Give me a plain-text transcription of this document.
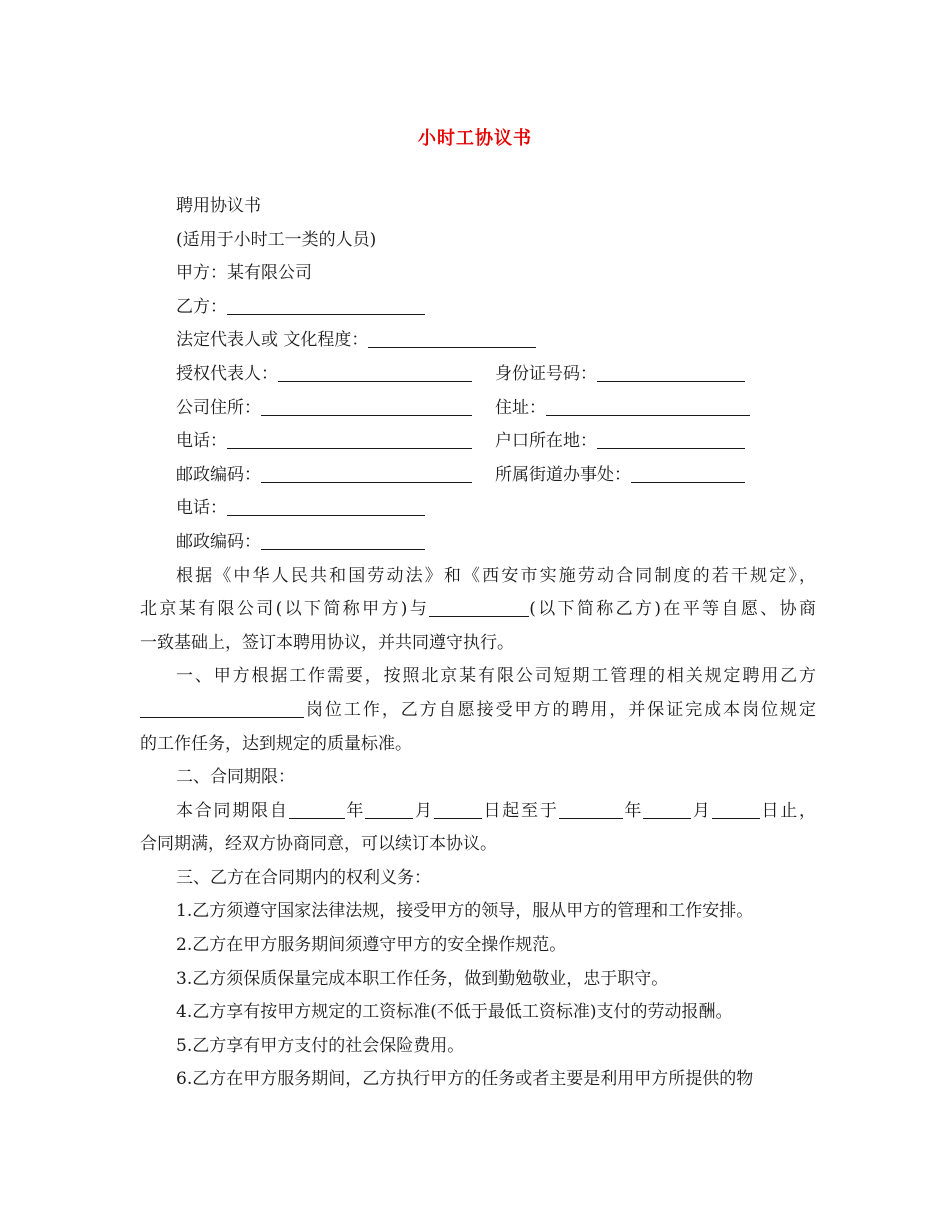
小时工协议书
聘用协议书
(适用于小时工一类的人员)
甲方：某有限公司
乙方：
法定代表人或 文化程度：
授权代表人：	身份证号码：
公司住所：	住址：
电话：	户口所在地：
邮政编码：	所属街道办事处：
电话：
邮政编码：
根据《中华人民共和国劳动法》和《西安市实施劳动合同制度的若干规定》，
北京某有限公司(以下简称甲方)与	(以下简称乙方)在平等自愿、协商
一致基础上，签订本聘用协议，并共同遵守执行。
一、甲方根据工作需要，按照北京某有限公司短期工管理的相关规定聘用乙方
岗位工作，乙方自愿接受甲方的聘用，并保证完成本岗位规定
的工作任务，达到规定的质量标准。
二、合同期限：
本合同期限自	年	月	日起至于	年	月	日止，
合同期满，经双方协商同意，可以续订本协议。
三、乙方在合同期内的权利义务：
1.乙方须遵守国家法律法规，接受甲方的领导，服从甲方的管理和工作安排。
2.乙方在甲方服务期间须遵守甲方的安全操作规范。
3.乙方须保质保量完成本职工作任务，做到勤勉敬业，忠于职守。
4.乙方享有按甲方规定的工资标准(不低于最低工资标准)支付的劳动报酬。
5.乙方享有甲方支付的社会保险费用。
6.乙方在甲方服务期间，乙方执行甲方的任务或者主要是利用甲方所提供的物
